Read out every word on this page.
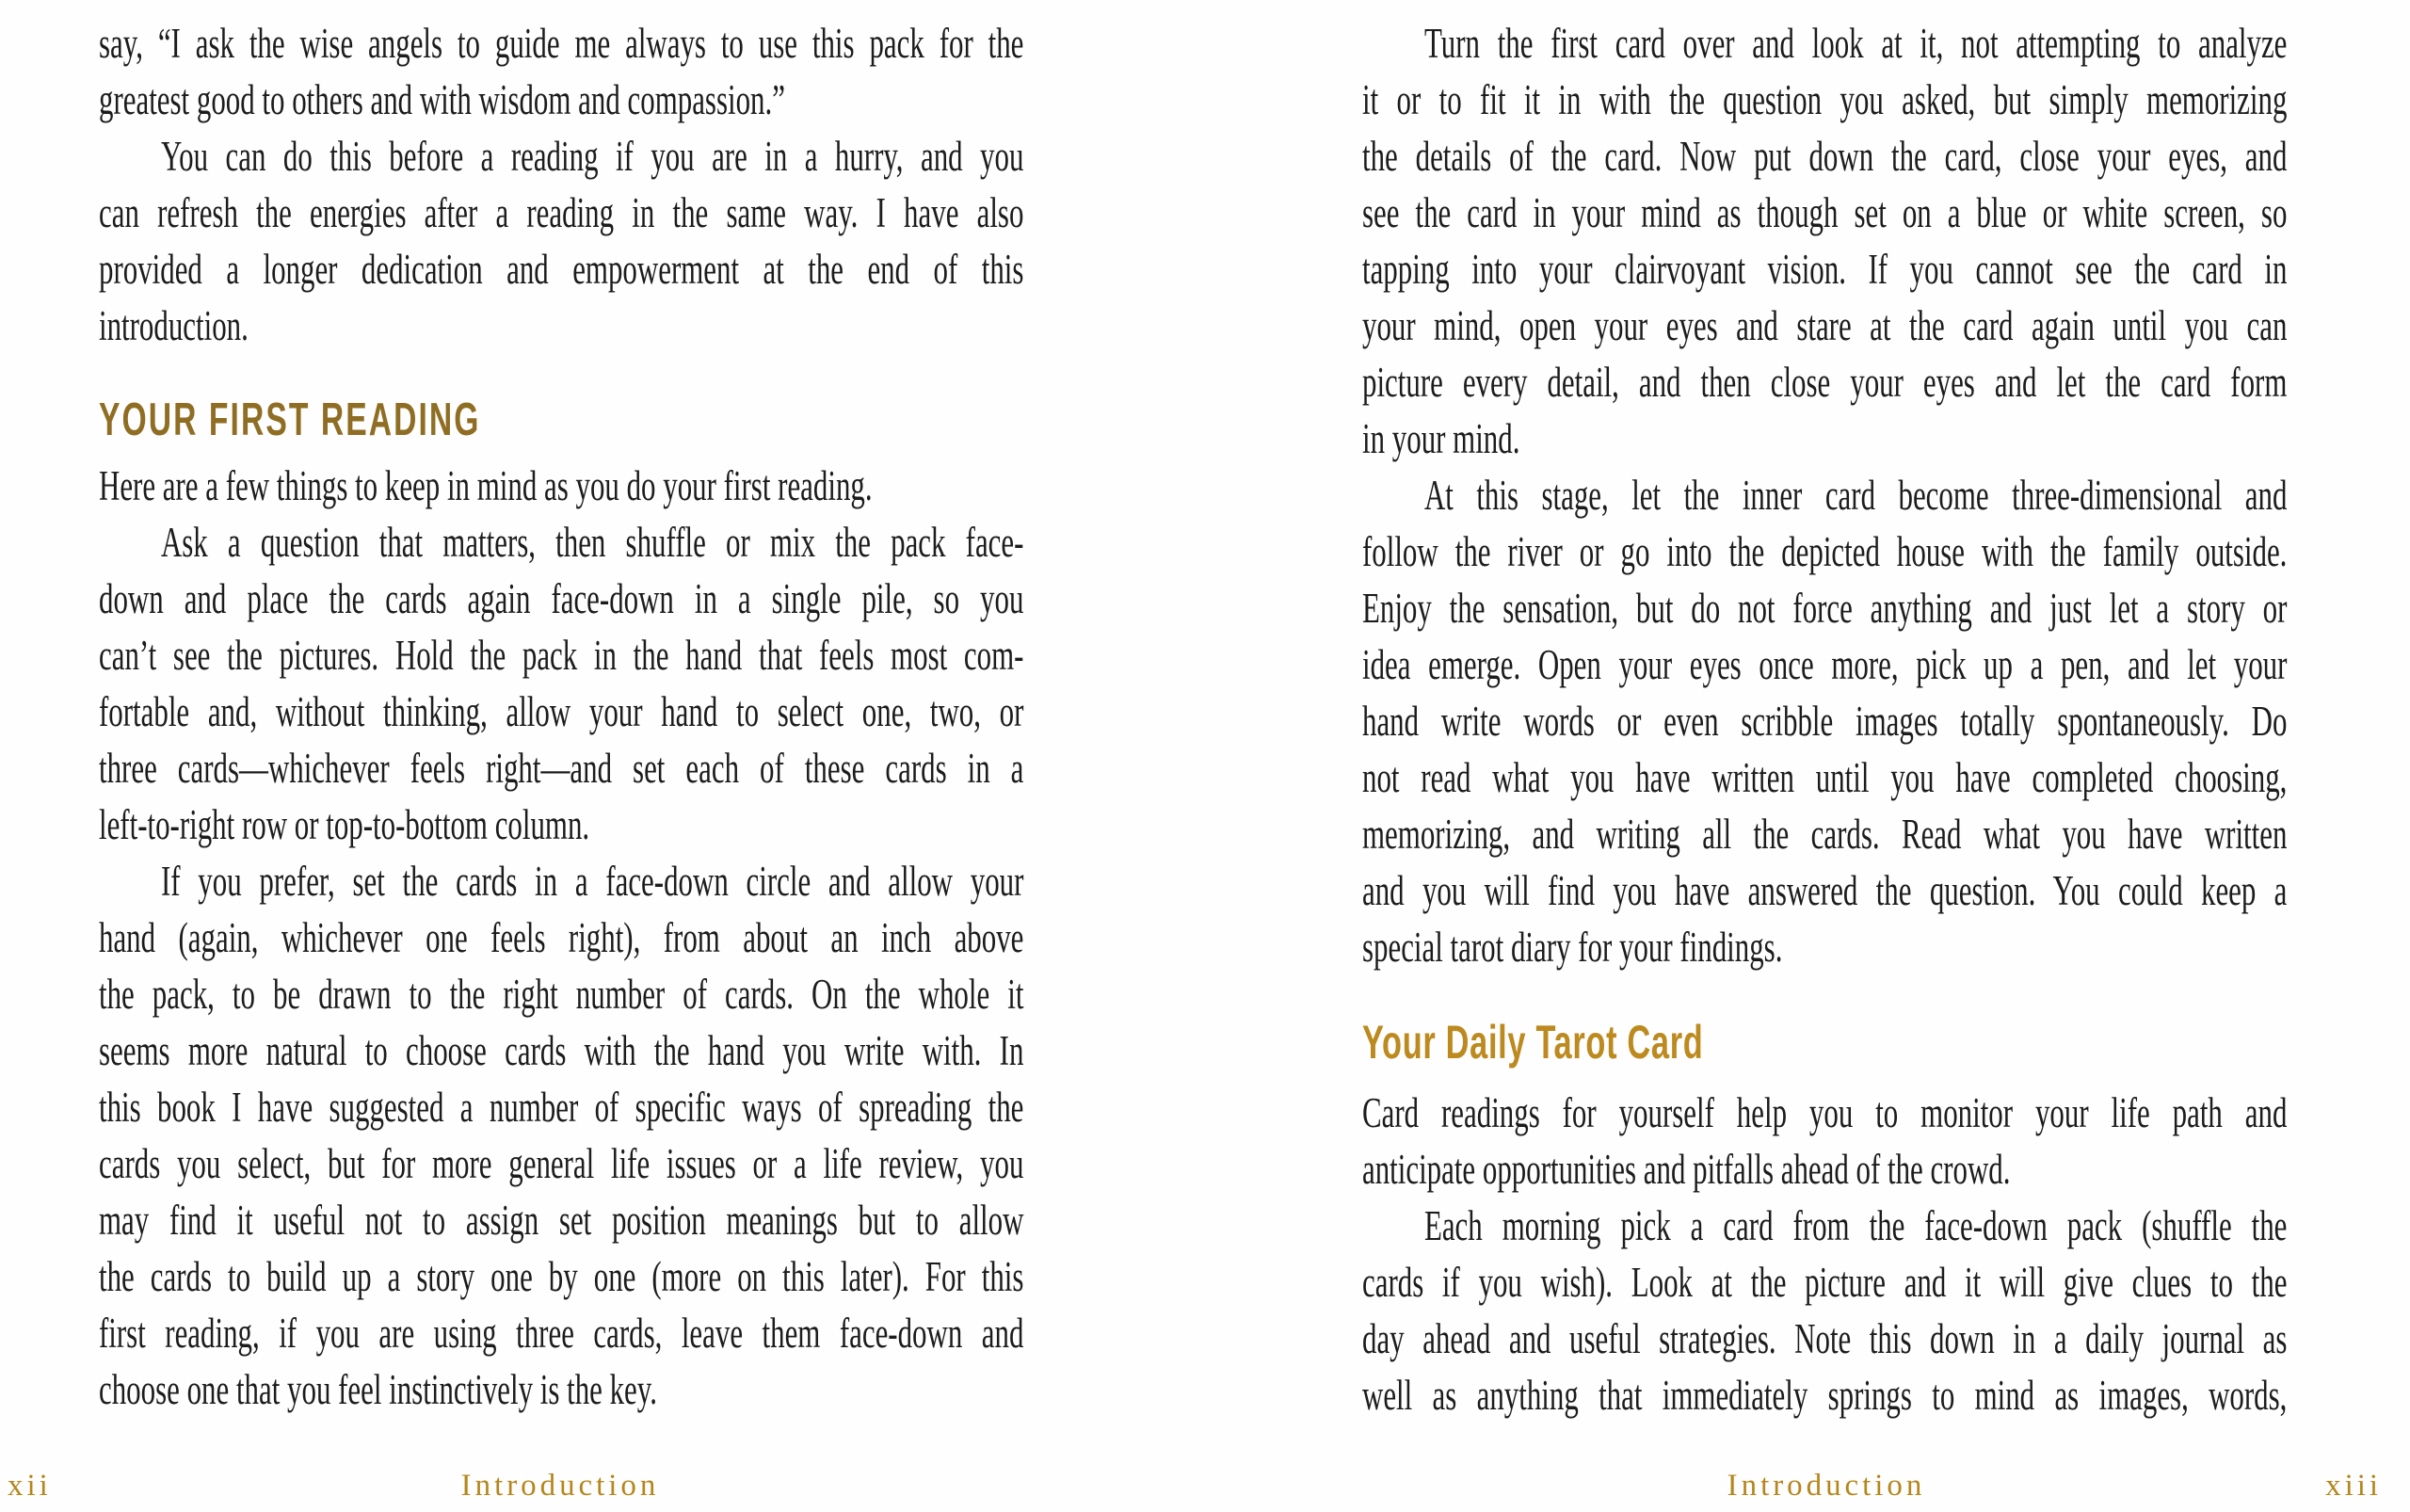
say, “I ask the wise angels to guide me always to use this pack for the
greatest good to others and with wisdom and compassion.”
You can do this before a reading if you are in a hurry, and you
can refresh the energies after a reading in the same way. I have also
provided a longer dedication and empowerment at the end of this
introduction.
YOUR FIRST READING
Here are a few things to keep in mind as you do your first reading.
Ask a question that matters, then shuffle or mix the pack face-
down and place the cards again face-down in a single pile, so you
can’t see the pictures. Hold the pack in the hand that feels most com-
fortable and, without thinking, allow your hand to select one, two, or
three cards—whichever feels right—and set each of these cards in a
left-to-right row or top-to-bottom column.
If you prefer, set the cards in a face-down circle and allow your
hand (again, whichever one feels right), from about an inch above
the pack, to be drawn to the right number of cards. On the whole it
seems more natural to choose cards with the hand you write with. In
this book I have suggested a number of specific ways of spreading the
cards you select, but for more general life issues or a life review, you
may find it useful not to assign set position meanings but to allow
the cards to build up a story one by one (more on this later). For this
first reading, if you are using three cards, leave them face-down and
choose one that you feel instinctively is the key.
Turn the first card over and look at it, not attempting to analyze
it or to fit it in with the question you asked, but simply memorizing
the details of the card. Now put down the card, close your eyes, and
see the card in your mind as though set on a blue or white screen, so
tapping into your clairvoyant vision. If you cannot see the card in
your mind, open your eyes and stare at the card again until you can
picture every detail, and then close your eyes and let the card form
in your mind.
At this stage, let the inner card become three-dimensional and
follow the river or go into the depicted house with the family outside.
Enjoy the sensation, but do not force anything and just let a story or
idea emerge. Open your eyes once more, pick up a pen, and let your
hand write words or even scribble images totally spontaneously. Do
not read what you have written until you have completed choosing,
memorizing, and writing all the cards. Read what you have written
and you will find you have answered the question. You could keep a
special tarot diary for your findings.
Your Daily Tarot Card
Card readings for yourself help you to monitor your life path and
anticipate opportunities and pitfalls ahead of the crowd.
Each morning pick a card from the face-down pack (shuffle the
cards if you wish). Look at the picture and it will give clues to the
day ahead and useful strategies. Note this down in a daily journal as
well as anything that immediately springs to mind as images, words,
xii	Introduction	Introduction	xiii
